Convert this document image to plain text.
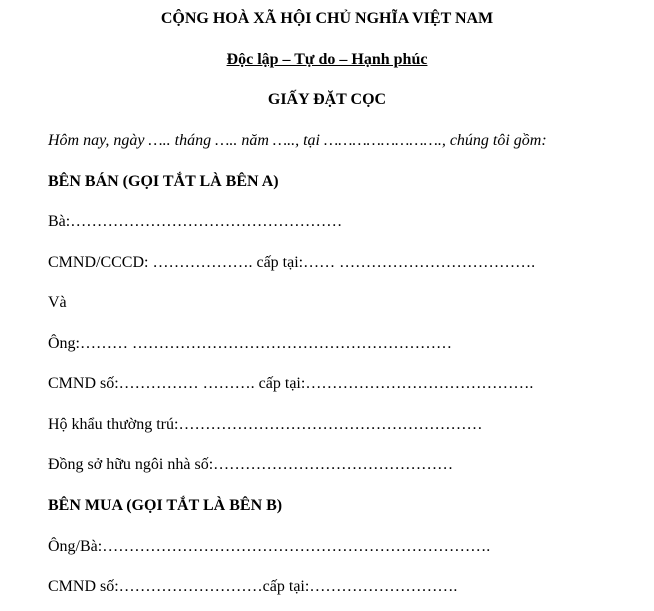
CỘNG HOÀ XÃ HỘI CHỦ NGHĨA VIỆT NAM
Độc lập – Tự do – Hạnh phúc
GIẤY ĐẶT CỌC
Hôm nay, ngày ….. tháng ….. năm ….., tại ……………………., chúng tôi gồm:
BÊN BÁN (GỌI TẮT LÀ BÊN A)
Bà:……………………………………………
CMND/CCCD: ………………. cấp tại:…… ……………………………….
Và
Ông:……… ……………………………………………………
CMND số:…………… ………. cấp tại:…………………………………….
Hộ khẩu thường trú:…………………………………………………
Đồng sở hữu ngôi nhà số:………………………………………
BÊN MUA (GỌI TẮT LÀ BÊN B)
Ông/Bà:……………………………………………………………….
CMND số:………………………cấp tại:……………………….
